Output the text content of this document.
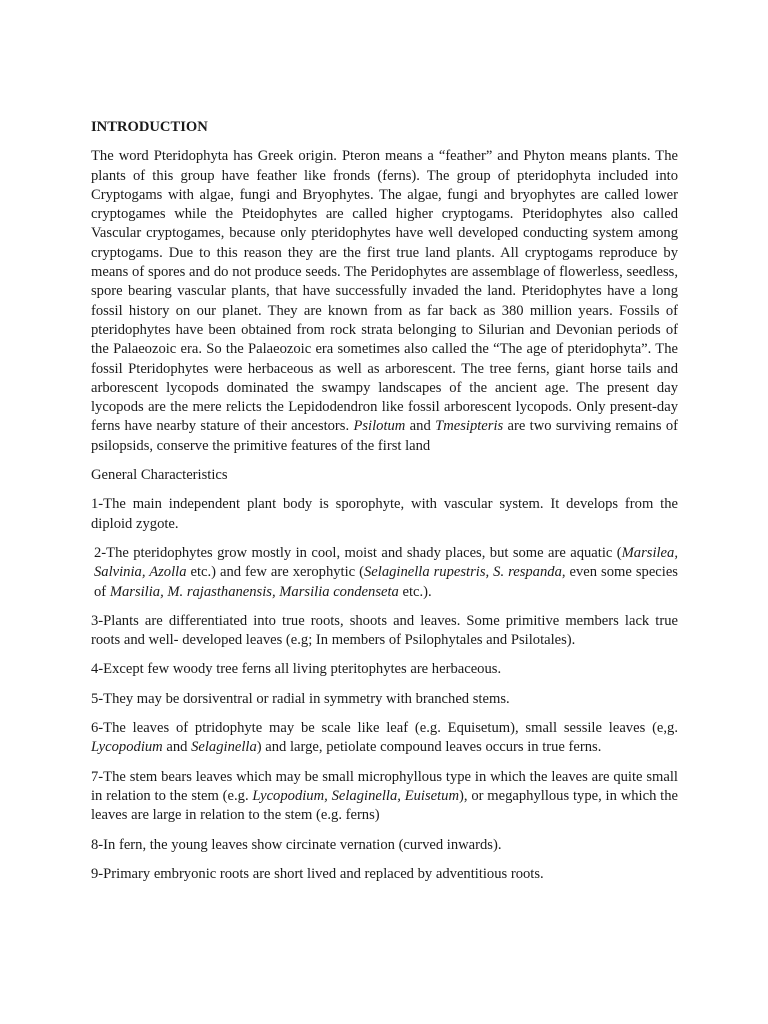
INTRODUCTION

The word Pteridophyta has Greek origin. Pteron means a “feather” and Phyton means plants. The plants of this group have feather like fronds (ferns). The group of pteridophyta included into Cryptogams with algae, fungi and Bryophytes. The algae, fungi and bryophytes are called lower cryptogames while the Pteidophytes are called higher cryptogams. Pteridophytes also called Vascular cryptogames, because only pteridophytes have well developed conducting system among cryptogams. Due to this reason they are the first true land plants. All cryptogams reproduce by means of spores and do not produce seeds. The Peridophytes are assemblage of flowerless, seedless, spore bearing vascular plants, that have successfully invaded the land. Pteridophytes have a long fossil history on our planet. They are known from as far back as 380 million years. Fossils of pteridophytes have been obtained from rock strata belonging to Silurian and Devonian periods of the Palaeozoic era. So the Palaeozoic era sometimes also called the “The age of pteridophyta”. The fossil Pteridophytes were herbaceous as well as arborescent. The tree ferns, giant horse tails and arborescent lycopods dominated the swampy landscapes of the ancient age. The present day lycopods are the mere relicts the Lepidodendron like fossil arborescent lycopods. Only present-day ferns have nearby stature of their ancestors. Psilotum and Tmesipteris are two surviving remains of psilopsids, conserve the primitive features of the first land

General Characteristics

1-The main independent plant body is sporophyte, with vascular system. It develops from the diploid zygote.

2-The pteridophytes grow mostly in cool, moist and shady places, but some are aquatic (Marsilea, Salvinia, Azolla etc.) and few are xerophytic (Selaginella rupestris, S. respanda, even some species of Marsilia, M. rajasthanensis, Marsilia condenseta etc.).

3-Plants are differentiated into true roots, shoots and leaves. Some primitive members lack true roots and well- developed leaves (e.g; In members of Psilophytales and Psilotales).

4-Except few woody tree ferns all living pteritophytes are herbaceous.

5-They may be dorsiventral or radial in symmetry with branched stems.

6-The leaves of ptridophyte may be scale like leaf (e.g. Equisetum), small sessile leaves (e,g. Lycopodium and Selaginella) and large, petiolate compound leaves occurs in true ferns.

7-The stem bears leaves which may be small microphyllous type in which the leaves are quite small in relation to the stem (e.g. Lycopodium, Selaginella, Euisetum), or megaphyllous type, in which the leaves are large in relation to the stem (e.g. ferns)

8-In fern, the young leaves show circinate vernation (curved inwards).

9-Primary embryonic roots are short lived and replaced by adventitious roots.
